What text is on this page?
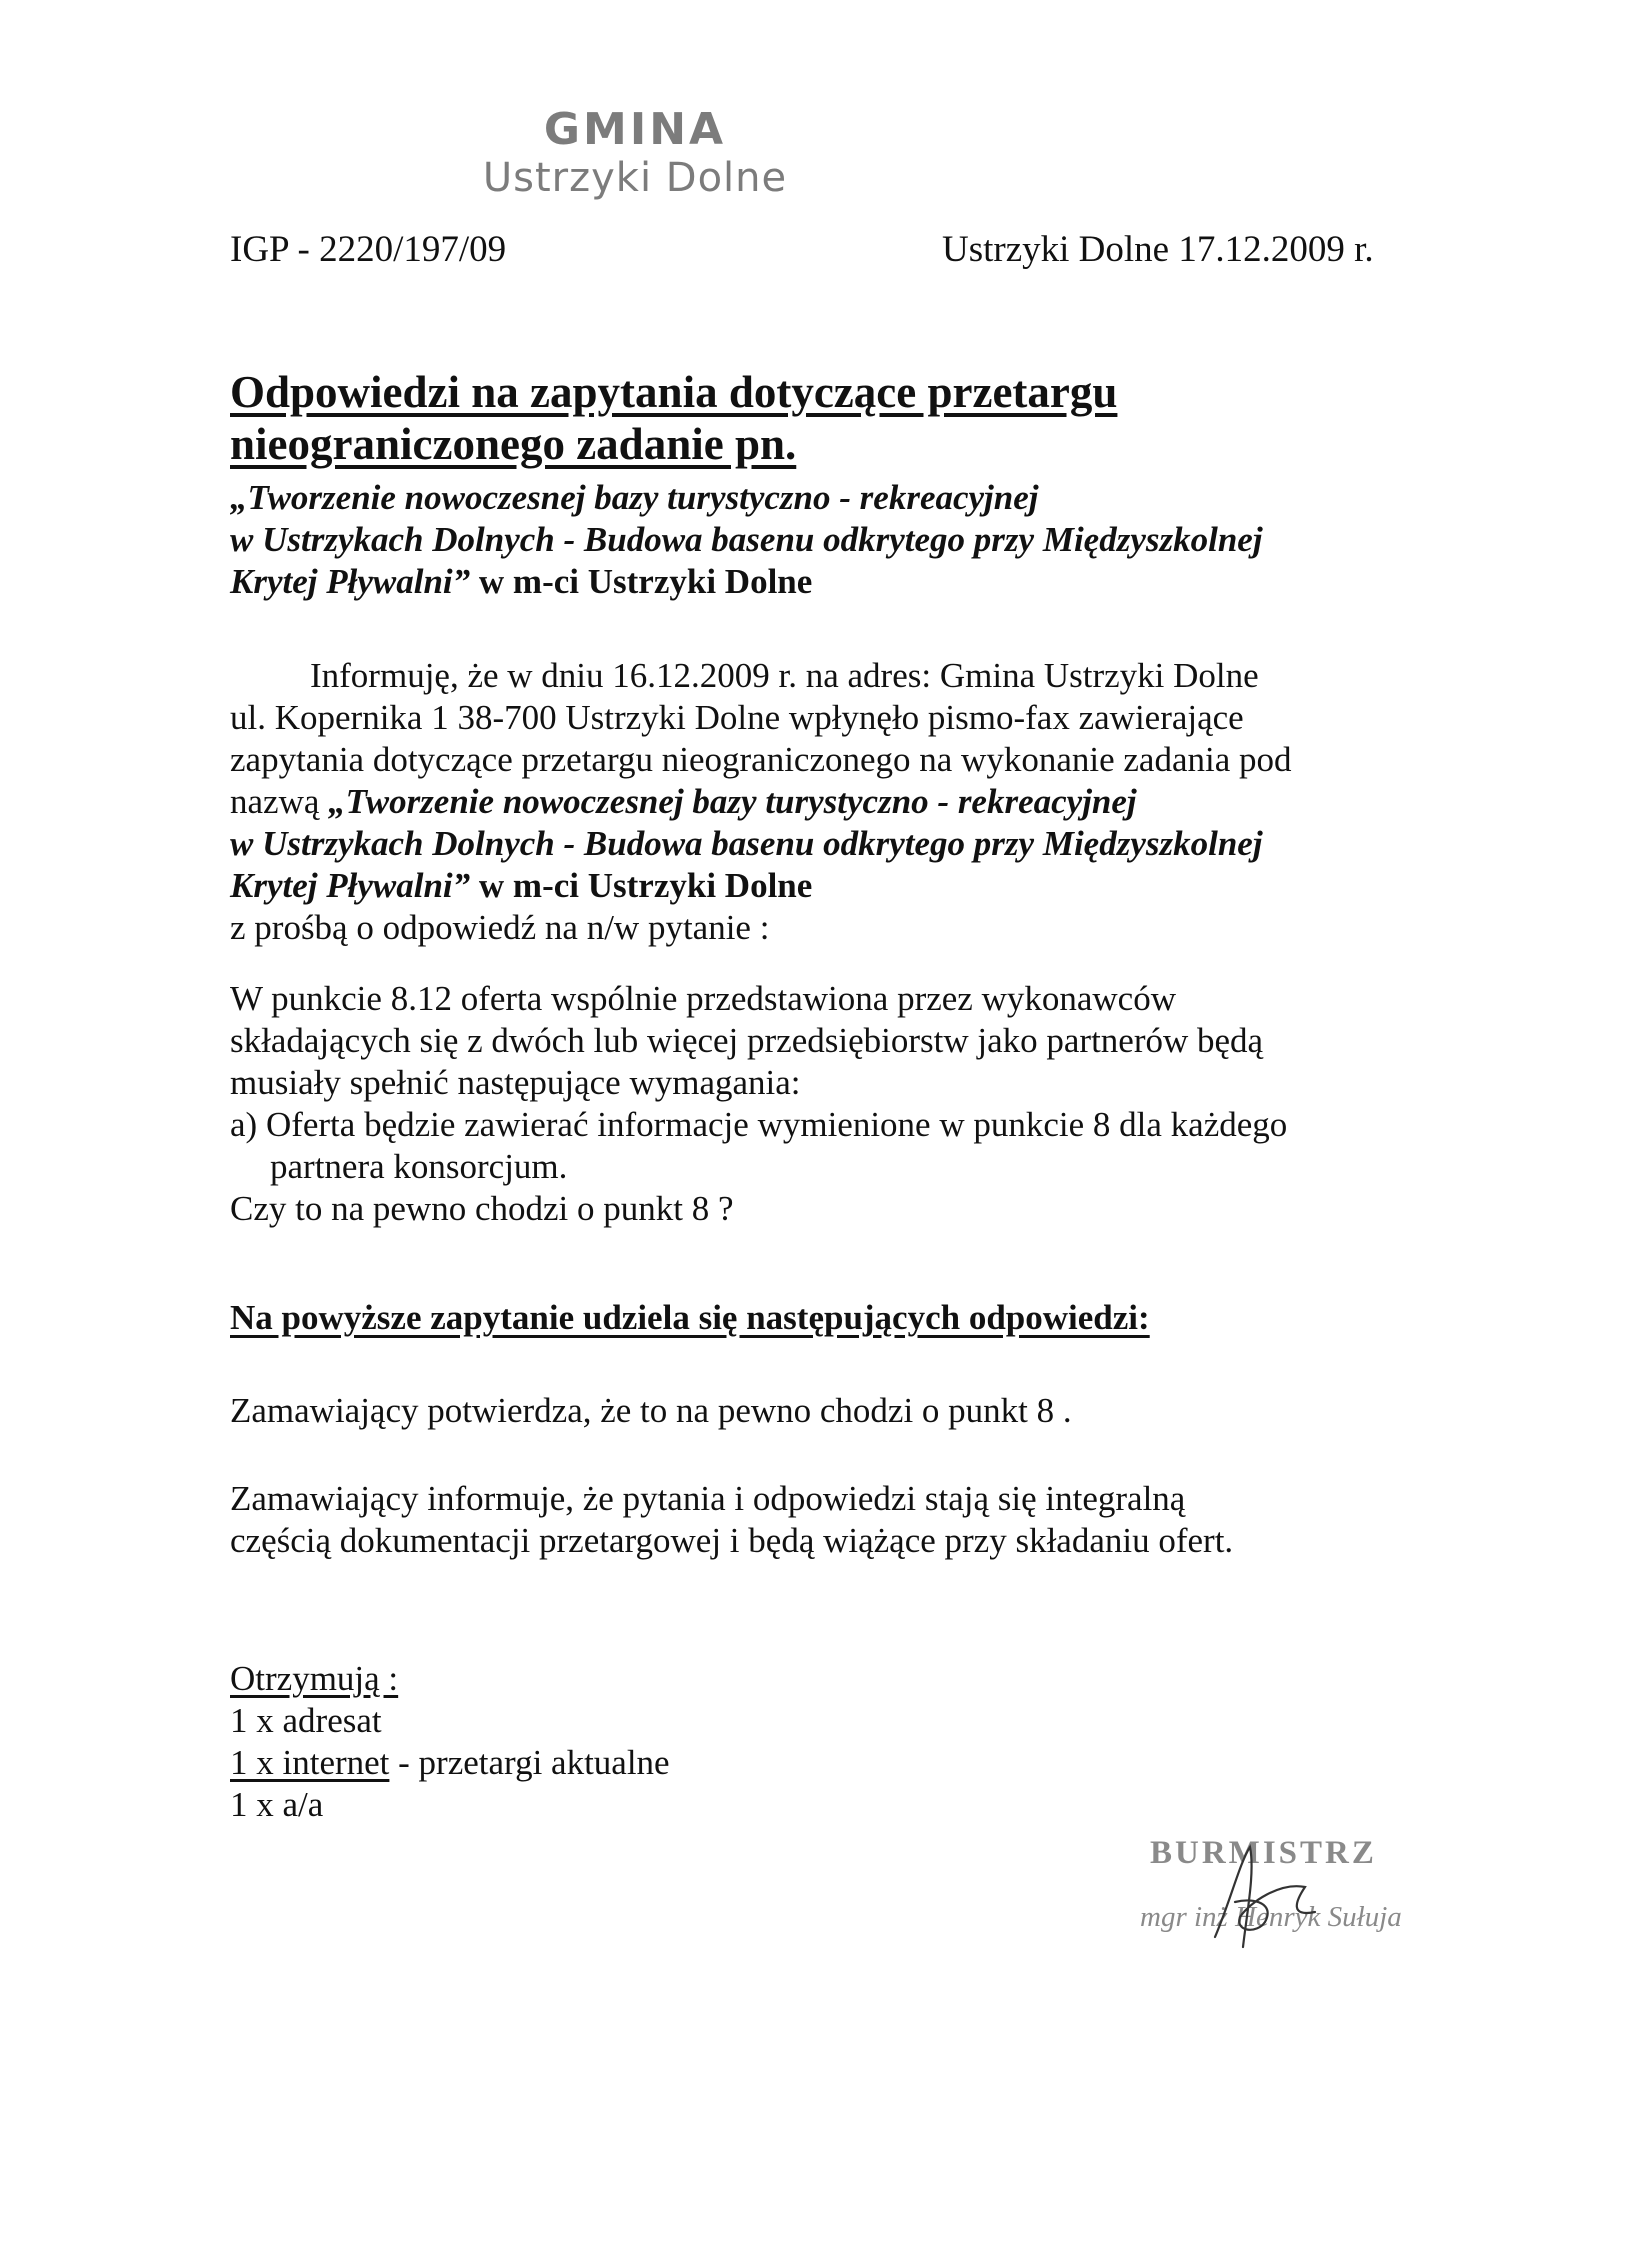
GMINA
Ustrzyki Dolne
IGP - 2220/197/09	Ustrzyki Dolne 17.12.2009 r.
Odpowiedzi na zapytania dotyczące przetargu
nieograniczonego zadanie pn.
„Tworzenie nowoczesnej bazy turystyczno - rekreacyjnej
w Ustrzykach Dolnych - Budowa basenu odkrytego przy Międzyszkolnej
Krytej Pływalni” w m-ci Ustrzyki Dolne
Informuję, że w dniu 16.12.2009 r. na adres: Gmina Ustrzyki Dolne
ul. Kopernika 1 38-700 Ustrzyki Dolne wpłynęło pismo-fax zawierające
zapytania dotyczące przetargu nieograniczonego na wykonanie zadania pod
nazwą „Tworzenie nowoczesnej bazy turystyczno - rekreacyjnej
w Ustrzykach Dolnych - Budowa basenu odkrytego przy Międzyszkolnej
Krytej Pływalni” w m-ci Ustrzyki Dolne
z prośbą o odpowiedź na n/w pytanie :
W punkcie 8.12 oferta wspólnie przedstawiona przez wykonawców
składających się z dwóch lub więcej przedsiębiorstw jako partnerów będą
musiały spełnić następujące wymagania:
a) Oferta będzie zawierać informacje wymienione w punkcie 8 dla każdego
partnera konsorcjum.
Czy to na pewno chodzi o punkt 8 ?
Na powyższe zapytanie udziela się następujących odpowiedzi:
Zamawiający potwierdza, że to na pewno chodzi o punkt 8 .
Zamawiający informuje, że pytania i odpowiedzi stają się integralną
częścią dokumentacji przetargowej i będą wiążące przy składaniu ofert.
Otrzymują :
1 x adresat
1 x internet - przetargi aktualne
1 x a/a
BURMISTRZ
mgr inż Henryk Sułuja
